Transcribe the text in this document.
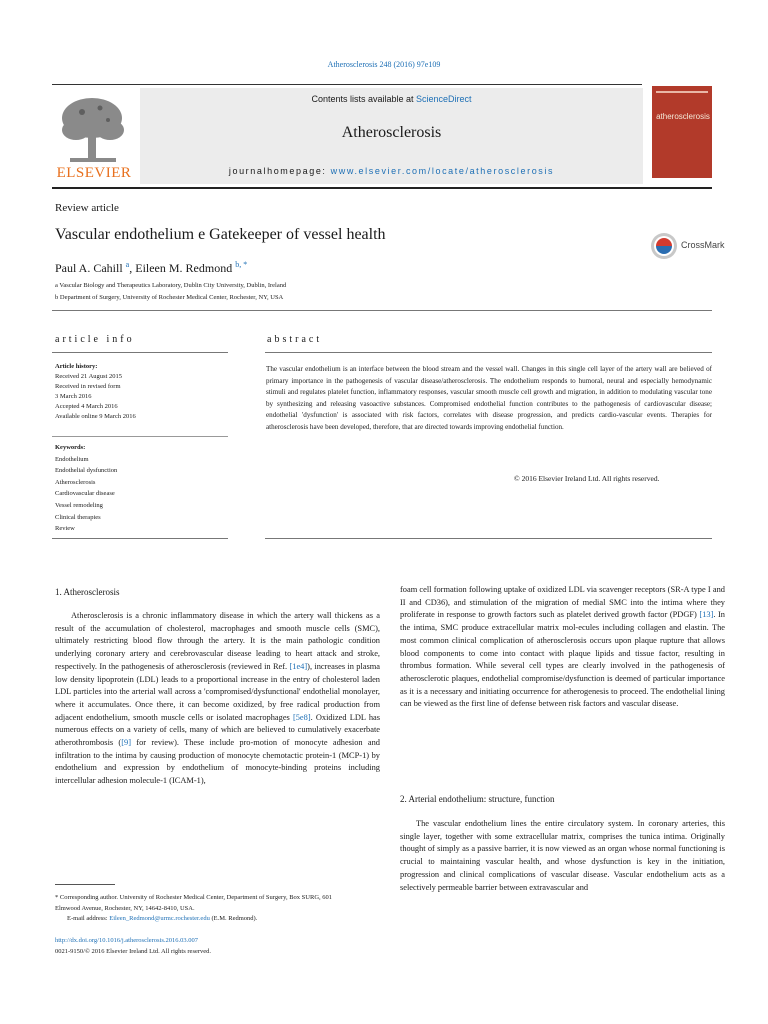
Atherosclerosis 248 (2016) 97e109
ELSEVIER
Contents lists available at ScienceDirect
Atherosclerosis
journalhomepage: www.elsevier.com/locate/atherosclerosis
atherosclerosis
Review article
Vascular endothelium e Gatekeeper of vessel health
CrossMark
Paul A. Cahill $^a$, Eileen M. Redmond $^{b, *}$
a Vascular Biology and Therapeutics Laboratory, Dublin City University, Dublin, Ireland
b Department of Surgery, University of Rochester Medical Center, Rochester, NY, USA
article info
Article history:
Received 21 August 2015
Received in revised form
3 March 2016
Accepted 4 March 2016
Available online 9 March 2016
Keywords:
Endothelium
Endothelial dysfunction
Atherosclerosis
Cardiovascular disease
Vessel remodeling
Clinical therapies
Review
abstract
The vascular endothelium is an interface between the blood stream and the vessel wall. Changes in this single cell layer of the artery wall are believed of primary importance in the pathogenesis of vascular disease/atherosclerosis. The endothelium responds to humoral, neural and especially hemodynamic stimuli and regulates platelet function, inflammatory responses, vascular smooth muscle cell growth and migration, in addition to modulating vascular tone by synthesizing and releasing vasoactive substances. Compromised endothelial function contributes to the pathogenesis of cardiovascular disease; endothelial 'dysfunction' is associated with risk factors, correlates with disease progression, and predicts cardio-vascular events. Therapies for atherosclerosis have been developed, therefore, that are directed towards improving endothelial function.
© 2016 Elsevier Ireland Ltd. All rights reserved.
1. Atherosclerosis

Atherosclerosis is a chronic inflammatory disease in which the artery wall thickens as a result of the accumulation of cholesterol, macrophages and smooth muscle cells (SMC), ultimately restricting blood flow through the artery. It is the main pathologic condition underlying coronary artery and cerebrovascular disease leading to heart attack and stroke, respectively. In the pathogenesis of atherosclerosis (reviewed in Ref. [1e4]), increases in plasma low density lipoprotein (LDL) leads to a proportional increase in the entry of cholesterol laden LDL particles into the arterial wall across a 'compromised/dysfunctional' endothelial monolayer, where it accumulates. Once there, it can become oxidized, by free radical production from adjacent endothelium, smooth muscle cells or isolated macrophages [5e8]. Oxidized LDL has numerous effects on a variety of cells, many of which are believed to cumulatively exacerbate atherothrombosis ([9] for review). These include pro-motion of monocyte adhesion and infiltration to the intima by causing production of monocyte chemotactic protein-1 (MCP-1) by endothelium and expression by endothelium of monocyte-binding proteins including intercellular adhesion molecule-1 (ICAM-1),

foam cell formation following uptake of oxidized LDL via scavenger receptors (SR-A type I and II and CD36), and stimulation of the migration of medial SMC into the intima where they proliferate in response to growth factors such as platelet derived growth factor (PDGF) [13]. In the intima, SMC produce extracellular matrix mol-ecules including collagen and elastin. The most common clinical complication of atherosclerosis occurs upon plaque rupture that allows blood components to come into contact with plaque lipids and tissue factor, resulting in thrombus formation. While several cell types are clearly involved in the pathogenesis of atherosclerotic plaques, endothelial compromise/dysfunction is deemed of particular importance as it is a necessary and initiating occurrence for atherogenesis to proceed. The endothelial lining can be viewed as the first line of defense between risk factors and vascular disease.

2. Arterial endothelium: structure, function

The vascular endothelium lines the entire circulatory system. In coronary arteries, this single layer, together with some extracellular matrix, comprises the tunica intima. Originally thought of simply as a passive barrier, it is now viewed as an organ whose normal functioning is crucial to maintaining vascular health, and whose dysfunction is key in the initiation, progression and clinical complications of vascular disease. Vascular endothelium acts as a selectively permeable barrier between extravascular and

* Corresponding author. University of Rochester Medical Center, Department of Surgery, Box SURG, 601 Elmwood Avenue, Rochester, NY, 14642-8410, USA.
E-mail address: Eileen_Redmond@urmc.rochester.edu (E.M. Redmond).
http://dx.doi.org/10.1016/j.atherosclerosis.2016.03.007
0021-9150/© 2016 Elsevier Ireland Ltd. All rights reserved.
